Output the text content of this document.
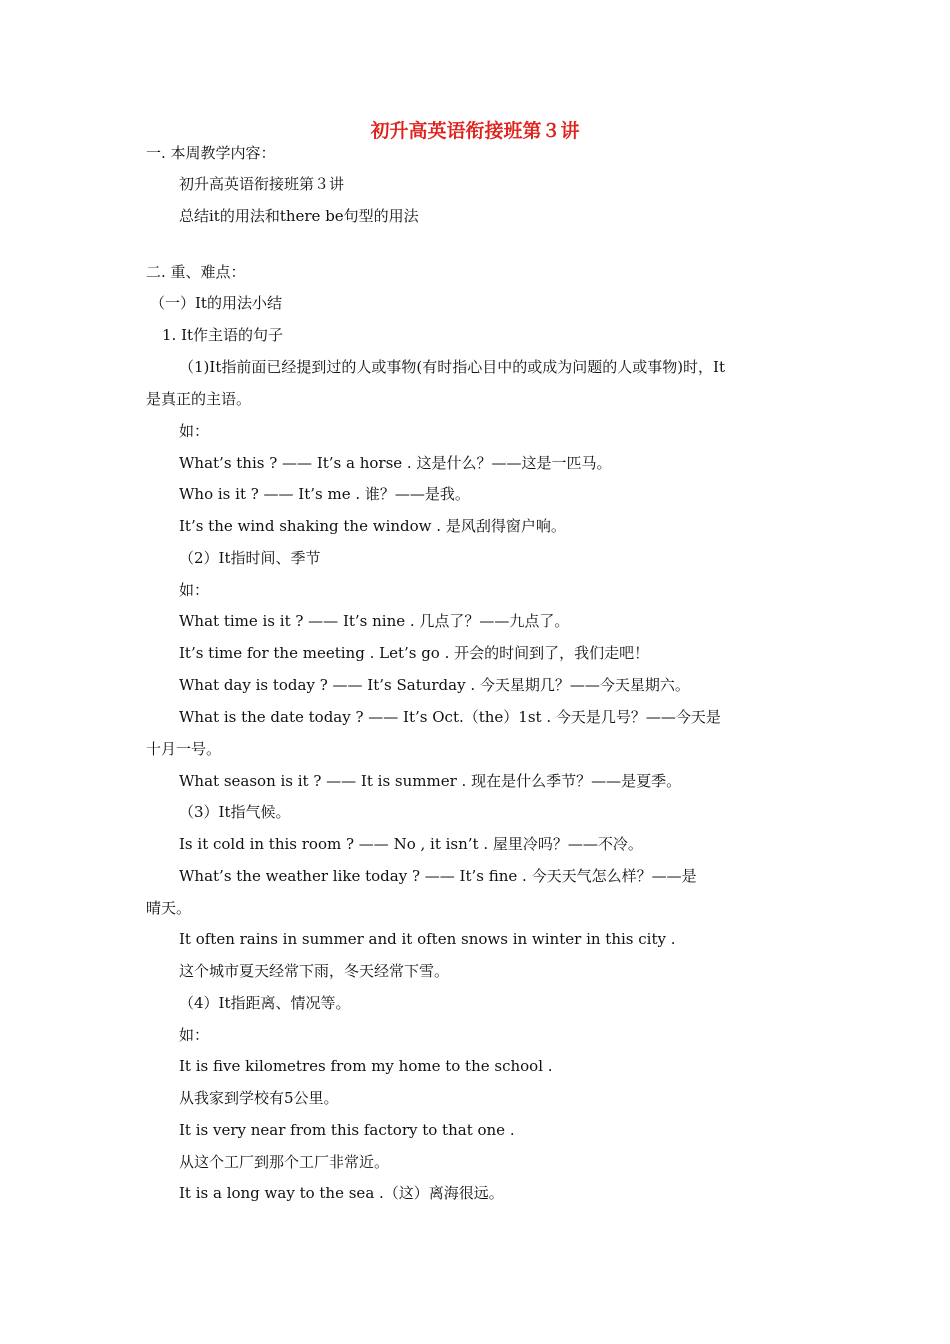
初升高英语衔接班第３讲
一. 本周教学内容：
初升高英语衔接班第３讲
总结it的用法和there be句型的用法
二. 重、难点：
（一）It的用法小结
1. It作主语的句子
（1)It指前面已经提到过的人或事物(有时指心目中的或成为问题的人或事物)时，It
是真正的主语。
如：
What’s this ? —— It’s a horse . 这是什么？——这是一匹马。
Who is it ? —— It’s me . 谁？——是我。
It’s the wind shaking the window . 是风刮得窗户响。
（2）It指时间、季节
如：
What time is it ? —— It’s nine . 几点了？——九点了。
It’s time for the meeting . Let’s go . 开会的时间到了，我们走吧！
What day is today ? —— It’s Saturday . 今天星期几？——今天星期六。
What is the date today ? —— It’s Oct.（the）1st . 今天是几号？——今天是
十月一号。
What season is it ? —— It is summer . 现在是什么季节？——是夏季。
（3）It指气候。
Is it cold in this room ? —— No , it isn’t . 屋里冷吗？——不冷。
What’s the weather like today ? —— It’s fine . 今天天气怎么样？——是
晴天。
It often rains in summer and it often snows in winter in this city .
这个城市夏天经常下雨，冬天经常下雪。
（4）It指距离、情况等。
如：
It is five kilometres from my home to the school .
从我家到学校有5公里。
It is very near from this factory to that one .
从这个工厂到那个工厂非常近。
It is a long way to the sea .（这）离海很远。
